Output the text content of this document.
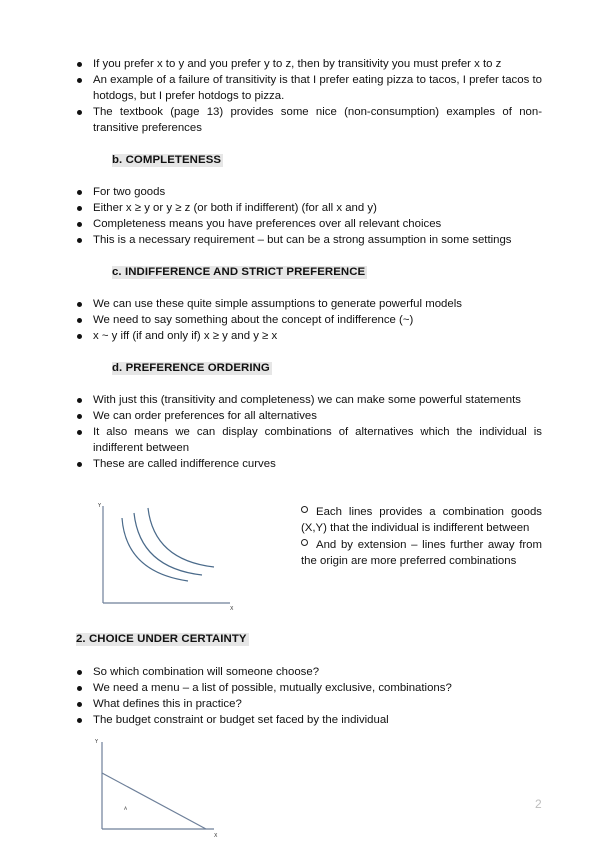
If you prefer x to y and you prefer y to z, then by transitivity you must prefer x to z
An example of a failure of transitivity is that I prefer eating pizza to tacos, I prefer tacos to hotdogs, but I prefer hotdogs to pizza.
The textbook (page 13) provides some nice (non-consumption) examples of non-transitive preferences
b. COMPLETENESS
For two goods
Either x ≥ y or y ≥ z (or both if indifferent) (for all x and y)
Completeness means you have preferences over all relevant choices
This is a necessary requirement – but can be a strong assumption in some settings
c. INDIFFERENCE AND STRICT PREFERENCE
We can use these quite simple assumptions to generate powerful models
We need to say something about the concept of indifference (~)
x ~ y iff (if and only if) x ≥ y and y ≥ x
d. PREFERENCE ORDERING
With just this (transitivity and completeness) we can make some powerful statements
We can order preferences for all alternatives
It also means we can display combinations of alternatives which the individual is indifferent between
These are called indifference curves
Y
X
Each lines provides a combination goods (X,Y) that the individual is indifferent between
And by extension – lines further away from the origin are more preferred combinations
2. CHOICE UNDER CERTAINTY
So which combination will someone choose?
We need a menu – a list of possible, mutually exclusive, combinations?
What defines this in practice?
The budget constraint or budget set faced by the individual
Y
X
A	2
